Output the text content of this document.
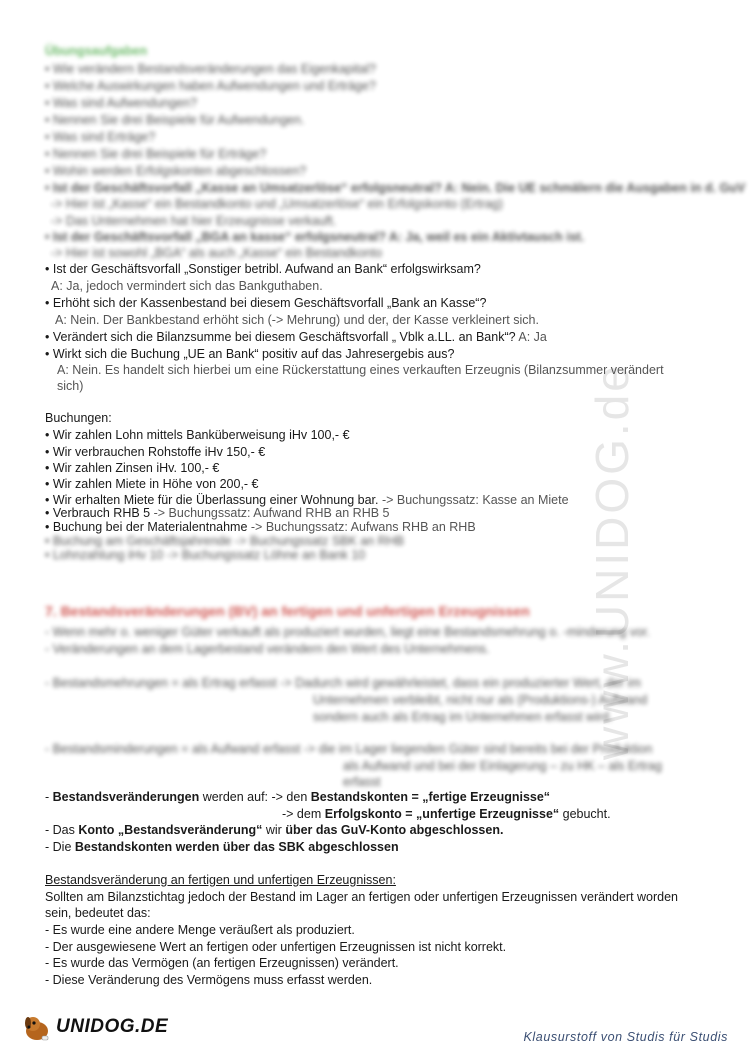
www.UNIDOG.de
Übungsaufgaben
• Wie verändern Bestandsveränderungen das Eigenkapital?
• Welche Auswirkungen haben Aufwendungen und Erträge?
• Was sind Aufwendungen?
• Nennen Sie drei Beispiele für Aufwendungen.
• Was sind Erträge?
• Nennen Sie drei Beispiele für Erträge?
• Wohin werden Erfolgskonten abgeschlossen?
• Ist der Geschäftsvorfall „Kasse an Umsatzerlöse“ erfolgsneutral? A: Nein. Die UE schmälern die Ausgaben in d. GuV
-> Hier ist „Kasse“ ein Bestandkonto und „Umsatzerlöse“ ein Erfolgskonto (Ertrag)
-> Das Unternehmen hat hier Erzeugnisse verkauft.
• Ist der Geschäftsvorfall „BGA an kasse“ erfolgsneutral? A: Ja, weil es ein Aktivtausch ist.
-> Hier ist sowohl „BGA“ als auch „Kasse“ ein Bestandkonto
• Ist der Geschäftsvorfall „Sonstiger betribl. Aufwand an Bank“ erfolgswirksam?
A: Ja, jedoch vermindert sich das Bankguthaben.
• Erhöht sich der Kassenbestand bei diesem Geschäftsvorfall „Bank an Kasse“?
A: Nein. Der Bankbestand erhöht sich (-> Mehrung) und der, der Kasse verkleinert sich.
• Verändert sich die Bilanzsumme bei diesem Geschäftsvorfall „ Vblk a.LL. an Bank“? A: Ja
• Wirkt sich die Buchung „UE an Bank“ positiv auf das Jahresergebis aus?
A: Nein. Es handelt sich hierbei um eine Rückerstattung eines verkauften Erzeugnis (Bilanzsummer verändert
sich)
Buchungen:
• Wir zahlen Lohn mittels Banküberweisung iHv 100,- €
• Wir verbrauchen Rohstoffe iHv 150,- €
• Wir zahlen Zinsen iHv. 100,- €
• Wir zahlen Miete in Höhe von 200,- €
• Wir erhalten Miete für die Überlassung einer Wohnung bar. -> Buchungssatz: Kasse an Miete
• Verbrauch RHB 5 -> Buchungssatz: Aufwand RHB an RHB 5
• Buchung bei der Materialentnahme -> Buchungssatz: Aufwans RHB an RHB
• Buchung am Geschäftsjahrende -> Buchungssatz SBK an RHB
• Lohnzahlung iHv 10 -> Buchungssatz Löhne an Bank 10
7. Bestandsveränderungen (BV) an fertigen und unfertigen Erzeugnissen
- Wenn mehr o. weniger Güter verkauft als produziert wurden, liegt eine Bestandsmehrung o. -minderung vor.
- Veränderungen an dem Lagerbestand verändern den Wert des Unternehmens.
- Bestandsmehrungen = als Ertrag erfasst -> Dadurch wird gewährleistet, dass ein produzierter Wert, der im
Unternehmen verbleibt, nicht nur als (Produktions-) Aufwand
sondern auch als Ertrag im Unternehmen erfasst wird.
- Bestandsminderungen = als Aufwand erfasst -> die im Lager liegenden Güter sind bereits bei der Produktion
als Aufwand und bei der Einlagerung – zu HK – als Ertrag
erfasst
- Bestandsveränderungen werden auf: -> den Bestandskonten = „fertige Erzeugnisse“
-> dem Erfolgskonto = „unfertige Erzeugnisse“ gebucht.
- Das Konto „Bestandsveränderung“ wir über das GuV-Konto abgeschlossen.
- Die Bestandskonten werden über das SBK abgeschlossen
Bestandsveränderung an fertigen und unfertigen Erzeugnissen:
Sollten am Bilanzstichtag jedoch der Bestand im Lager an fertigen oder unfertigen Erzeugnissen verändert worden
sein, bedeutet das:
- Es wurde eine andere Menge veräußert als produziert.
- Der ausgewiesene Wert an fertigen oder unfertigen Erzeugnissen ist nicht korrekt.
- Es wurde das Vermögen (an fertigen Erzeugnissen) verändert.
- Diese Veränderung des Vermögens muss erfasst werden.
UNIDOG.DE	Klausurstoff von Studis für Studis
